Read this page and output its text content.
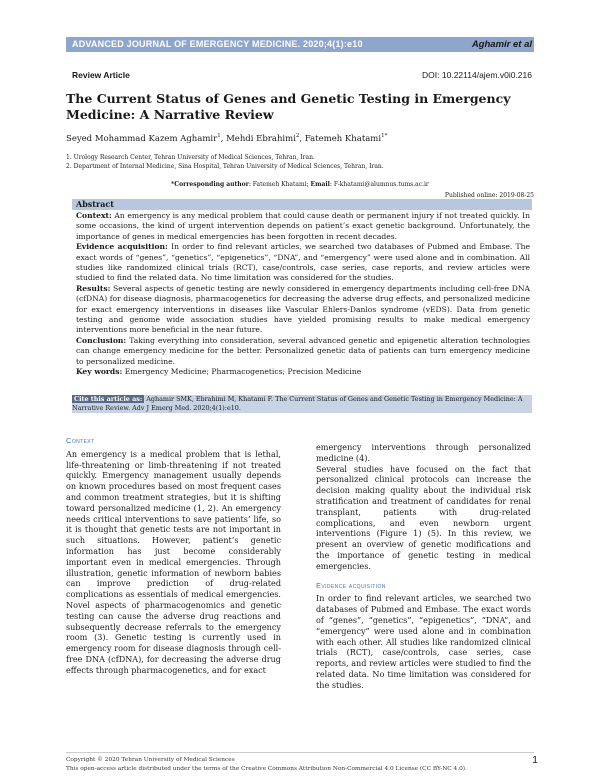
ADVANCED JOURNAL OF EMERGENCY MEDICINE. 2020;4(1):e10	Aghamir et al
Review Article	DOI: 10.22114/ajem.v0i0.216
The Current Status of Genes and Genetic Testing in Emergency Medicine: A Narrative Review
Seyed Mohammad Kazem Aghamir$^1$, Mehdi Ebrahimi$^2$, Fatemeh Khatami$^{1*}$
1. Urology Research Center, Tehran University of Medical Sciences, Tehran, Iran.
2. Department of Internal Medicine, Sina Hospital, Tehran University of Medical Sciences, Tehran, Iran.
*Corresponding author: Fatemeh Khatami; Email: F-khatami@alumnus.tums.ac.ir
Published online: 2019-08-25
Abstract

Context: An emergency is any medical problem that could cause death or permanent injury if not treated quickly. In some occasions, the kind of urgent intervention depends on patient’s exact genetic background. Unfortunately, the importance of genes in medical emergencies has been forgotten in recent decades.

Evidence acquisition: In order to find relevant articles, we searched two databases of Pubmed and Embase. The exact words of “genes”, “genetics”, “epigenetics”, “DNA”, and “emergency” were used alone and in combination. All studies like randomized clinical trials (RCT), case/controls, case series, case reports, and review articles were studied to find the related data. No time limitation was considered for the studies.

Results: Several aspects of genetic testing are newly considered in emergency departments including cell-free DNA (cfDNA) for disease diagnosis, pharmacogenetics for decreasing the adverse drug effects, and personalized medicine for exact emergency interventions in diseases like Vascular Ehlers-Danlos syndrome (vEDS). Data from genetic testing and genome wide association studies have yielded promising results to make medical emergency interventions more beneficial in the near future.

Conclusion: Taking everything into consideration, several advanced genetic and epigenetic alteration technologies can change emergency medicine for the better. Personalized genetic data of patients can turn emergency medicine to personalized medicine.

Key words: Emergency Medicine; Pharmacogenetics; Precision Medicine

Cite this article as: Aghamir SMK, Ebrahimi M, Khatami F. The Current Status of Genes and Genetic Testing in Emergency Medicine: A Narrative Review. Adv J Emerg Med. 2020;4(1):e10.
Context

An emergency is a medical problem that is lethal, life-threatening or limb-threatening if not treated quickly. Emergency management usually depends on known procedures based on most frequent cases and common treatment strategies, but it is shifting toward personalized medicine (1, 2). An emergency needs critical interventions to save patients’ life, so it is thought that genetic tests are not important in such situations. However, patient’s genetic information has just become considerably important even in medical emergencies. Through illustration, genetic information of newborn babies can improve prediction of drug-related complications as essentials of medical emergencies. Novel aspects of pharmacogenomics and genetic testing can cause the adverse drug reactions and subsequently decrease referrals to the emergency room (3). Genetic testing is currently used in emergency room for disease diagnosis through cell-free DNA (cfDNA), for decreasing the adverse drug effects through pharmacogenetics, and for exact

emergency interventions through personalized medicine (4).

Several studies have focused on the fact that personalized clinical protocols can increase the decision making quality about the individual risk stratification and treatment of candidates for renal transplant, patients with drug-related complications, and even newborn urgent interventions (Figure 1) (5). In this review, we present an overview of genetic modifications and the importance of genetic testing in medical emergencies.

Evidence acquisition

In order to find relevant articles, we searched two databases of Pubmed and Embase. The exact words of “genes”, “genetics”, “epigenetics”, “DNA”, and “emergency” were used alone and in combination with each other. All studies like randomized clinical trials (RCT), case/controls, case series, case reports, and review articles were studied to find the related data. No time limitation was considered for the studies.

Copyright © 2020 Tehran University of Medical Sciences
This open-access article distributed under the terms of the Creative Commons Attribution Non-Commercial 4.0 License (CC BY-NC 4.0).
1
